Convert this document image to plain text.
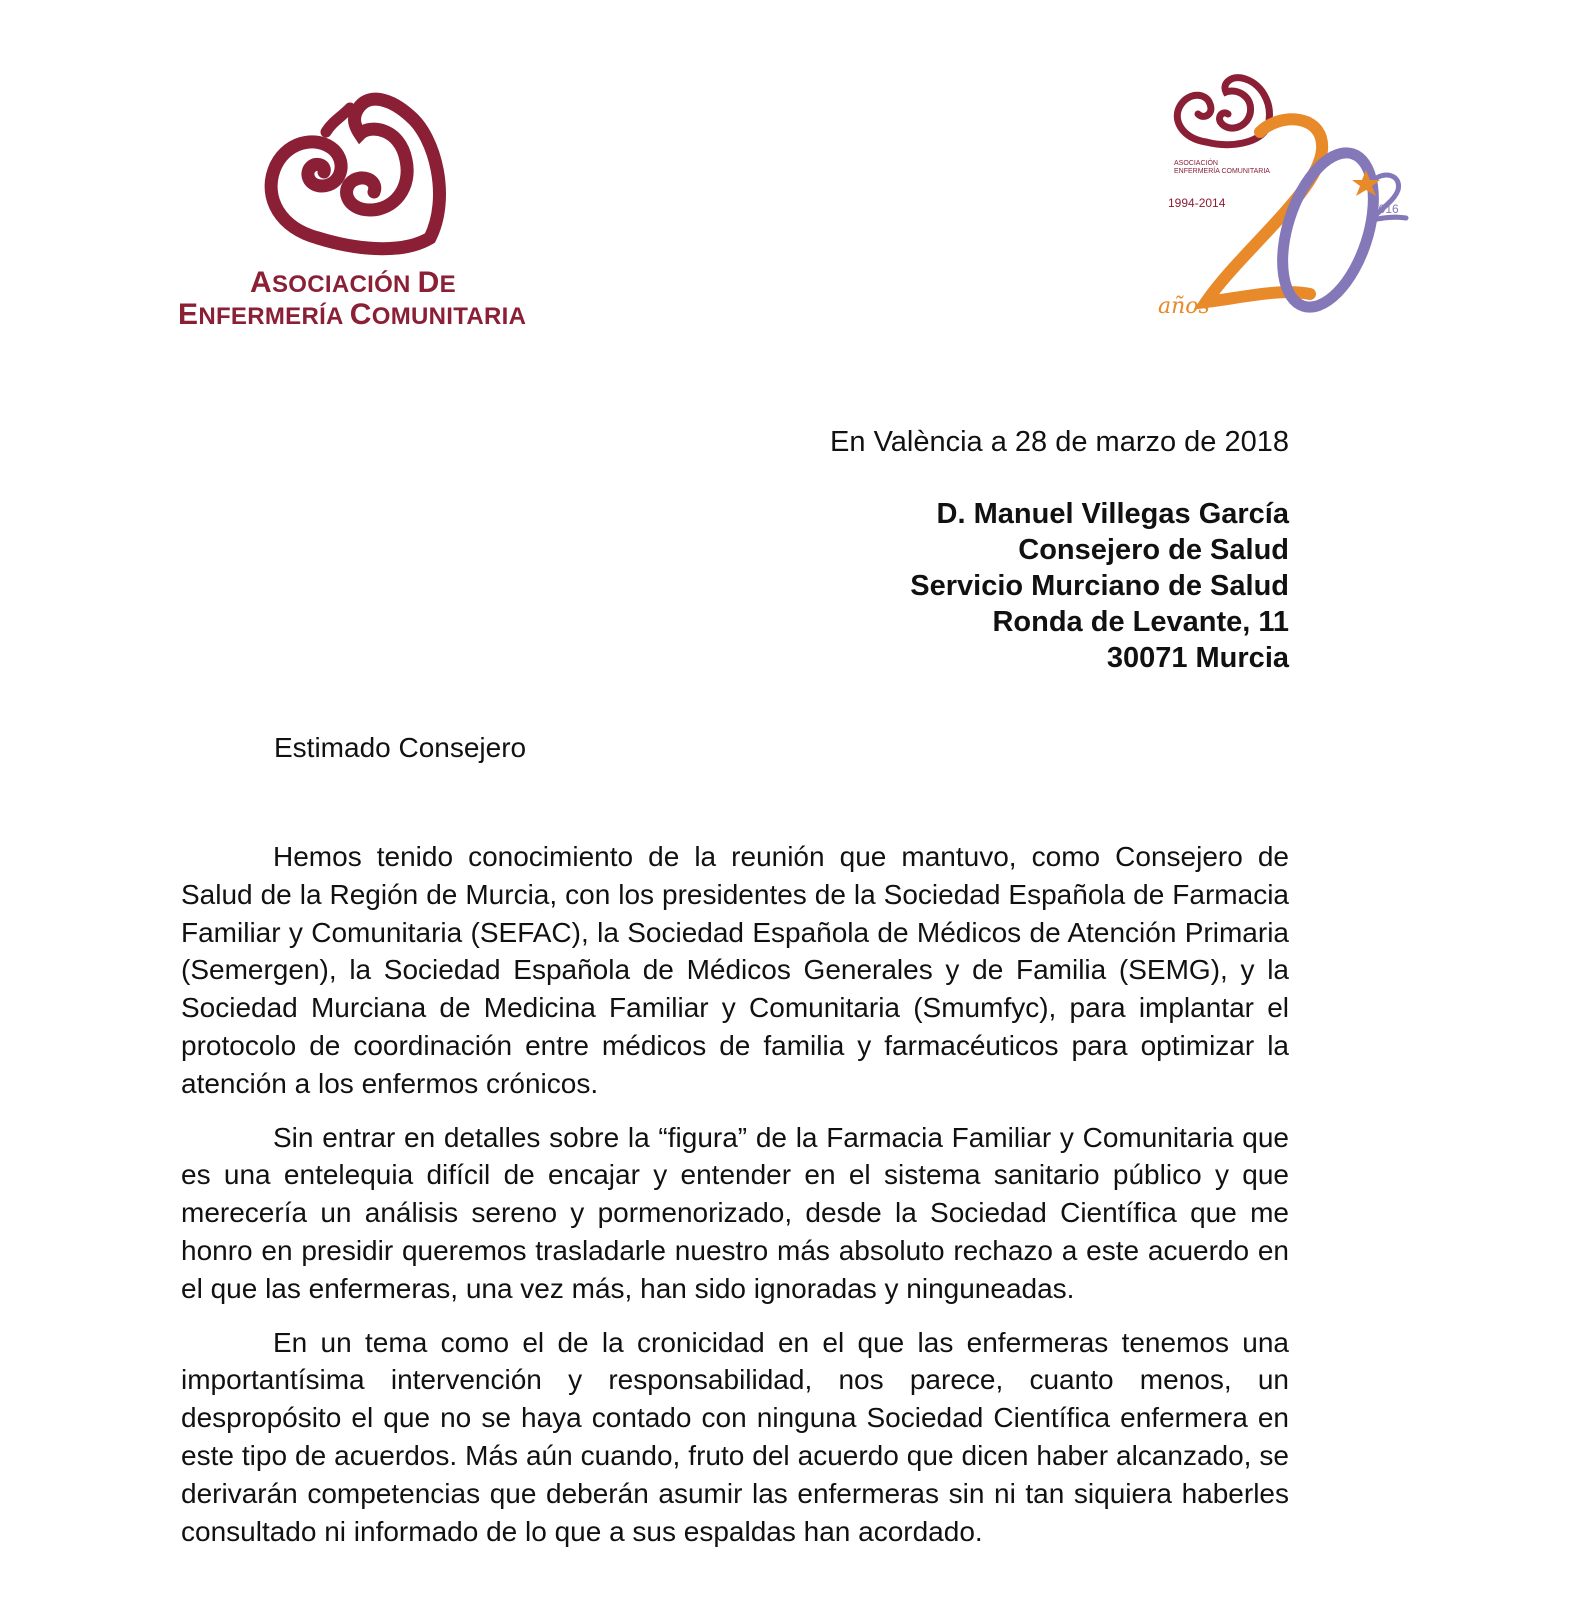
ASOCIACIÓN DE
ENFERMERÍA COMUNITARIA
ASOCIACIÓN
ENFERMERÍA COMUNITARIA
1994-2014	2016
años
En València a 28 de marzo de 2018
D. Manuel Villegas García
Consejero de Salud
Servicio Murciano de Salud
Ronda de Levante, 11
30071 Murcia
Estimado Consejero

Hemos tenido conocimiento de la reunión que mantuvo, como Consejero de Salud de la Región de Murcia, con los presidentes de la Sociedad Española de Farmacia Familiar y Comunitaria (SEFAC), la Sociedad Española de Médicos de Atención Primaria (Semergen), la Sociedad Española de Médicos Generales y de Familia (SEMG), y la Sociedad Murciana de Medicina Familiar y Comunitaria (Smumfyc), para implantar el protocolo de coordinación entre médicos de familia y farmacéuticos para optimizar la atención a los enfermos crónicos.

Sin entrar en detalles sobre la “figura” de la Farmacia Familiar y Comunitaria que es una entelequia difícil de encajar y entender en el sistema sanitario público y que merecería un análisis sereno y pormenorizado, desde la Sociedad Científica que me honro en presidir queremos trasladarle nuestro más absoluto rechazo a este acuerdo en el que las enfermeras, una vez más, han sido ignoradas y ninguneadas.

En un tema como el de la cronicidad en el que las enfermeras tenemos una importantísima intervención y responsabilidad, nos parece, cuanto menos, un despropósito el que no se haya contado con ninguna Sociedad Científica enfermera en este tipo de acuerdos. Más aún cuando, fruto del acuerdo que dicen haber alcanzado, se derivarán competencias que deberán asumir las enfermeras sin ni tan siquiera haberles consultado ni informado de lo que a sus espaldas han acordado.
